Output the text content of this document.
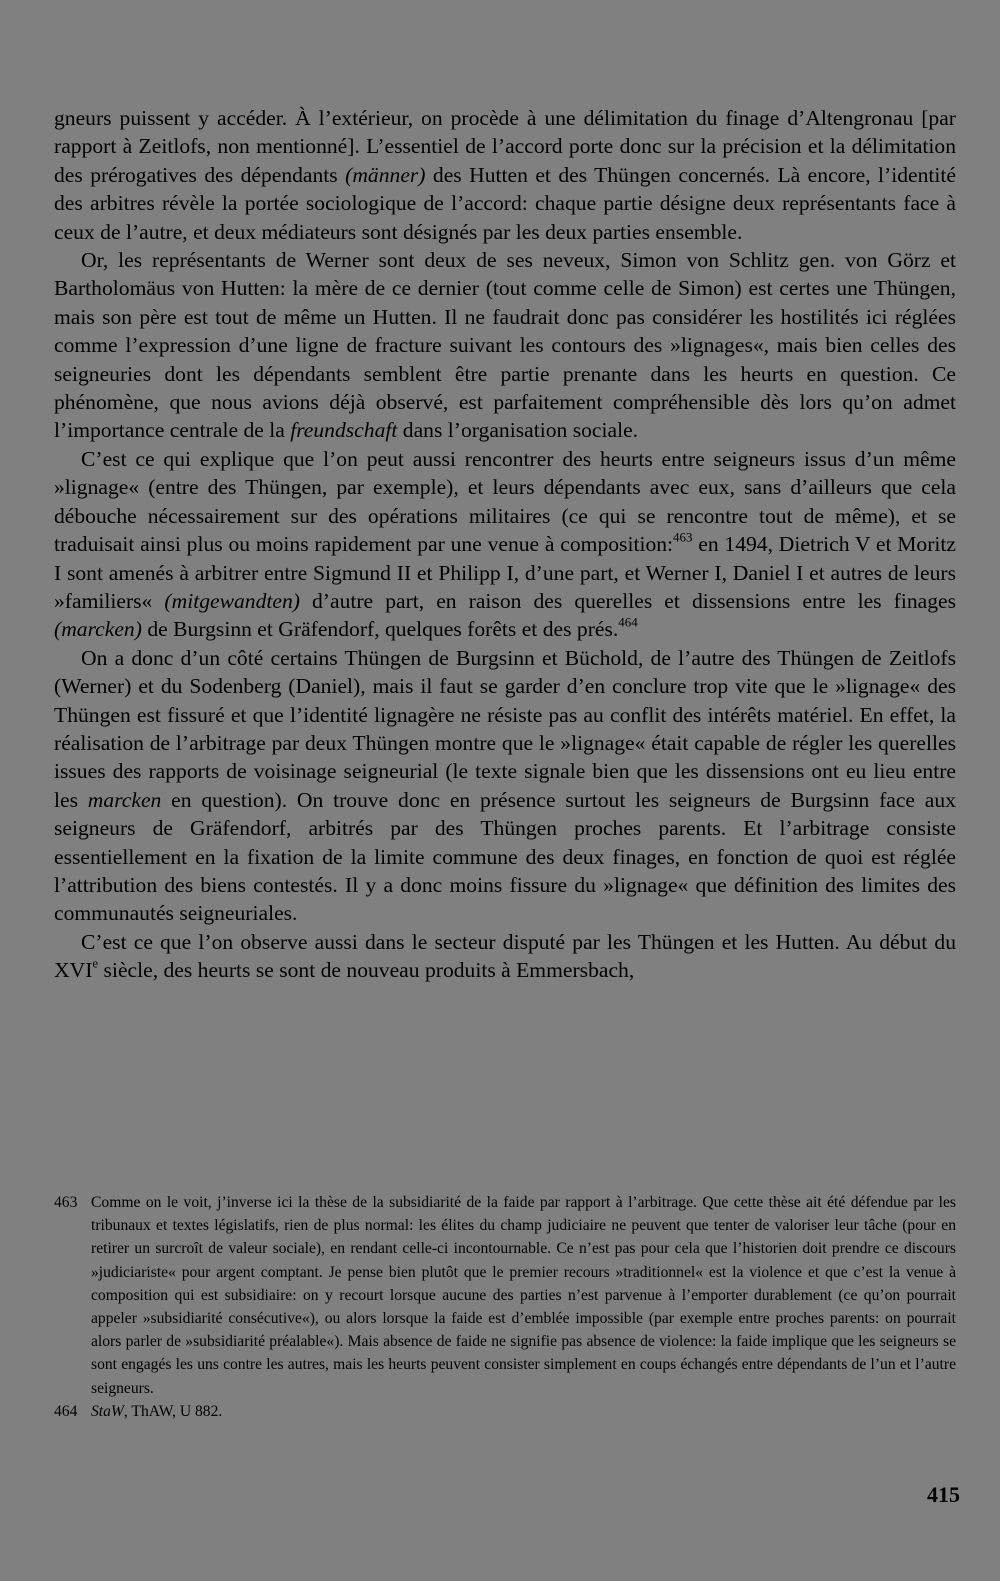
gneurs puissent y accéder. À l’extérieur, on procède à une délimitation du finage d’Altengronau [par rapport à Zeitlofs, non mentionné]. L’essentiel de l’accord porte donc sur la précision et la délimitation des prérogatives des dépendants (männer) des Hutten et des Thüngen concernés. Là encore, l’identité des arbitres révèle la portée sociologique de l’accord: chaque partie désigne deux représentants face à ceux de l’autre, et deux médiateurs sont désignés par les deux parties ensemble.

Or, les représentants de Werner sont deux de ses neveux, Simon von Schlitz gen. von Görz et Bartholomäus von Hutten: la mère de ce dernier (tout comme celle de Simon) est certes une Thüngen, mais son père est tout de même un Hutten. Il ne faudrait donc pas considérer les hostilités ici réglées comme l’expression d’une ligne de fracture suivant les contours des »lignages«, mais bien celles des seigneuries dont les dépendants semblent être partie prenante dans les heurts en question. Ce phénomène, que nous avions déjà observé, est parfaitement compréhensible dès lors qu’on admet l’importance centrale de la freundschaft dans l’organisation sociale.

C’est ce qui explique que l’on peut aussi rencontrer des heurts entre seigneurs issus d’un même »lignage« (entre des Thüngen, par exemple), et leurs dépendants avec eux, sans d’ailleurs que cela débouche nécessairement sur des opérations militaires (ce qui se rencontre tout de même), et se traduisait ainsi plus ou moins rapidement par une venue à composition:$^{463}$ en 1494, Dietrich V et Moritz I sont amenés à arbitrer entre Sigmund II et Philipp I, d’une part, et Werner I, Daniel I et autres de leurs »familiers« (mitgewandten) d’autre part, en raison des querelles et dissensions entre les finages (marcken) de Burgsinn et Gräfendorf, quelques forêts et des prés.$^{464}$

On a donc d’un côté certains Thüngen de Burgsinn et Büchold, de l’autre des Thüngen de Zeitlofs (Werner) et du Sodenberg (Daniel), mais il faut se garder d’en conclure trop vite que le »lignage« des Thüngen est fissuré et que l’identité lignagère ne résiste pas au conflit des intérêts matériel. En effet, la réalisation de l’arbitrage par deux Thüngen montre que le »lignage« était capable de régler les querelles issues des rapports de voisinage seigneurial (le texte signale bien que les dissensions ont eu lieu entre les marcken en question). On trouve donc en présence surtout les seigneurs de Burgsinn face aux seigneurs de Gräfendorf, arbitrés par des Thüngen proches parents. Et l’arbitrage consiste essentiellement en la fixation de la limite commune des deux finages, en fonction de quoi est réglée l’attribution des biens contestés. Il y a donc moins fissure du »lignage« que définition des limites des communautés seigneuriales.

C’est ce que l’on observe aussi dans le secteur disputé par les Thüngen et les Hutten. Au début du XVIe siècle, des heurts se sont de nouveau produits à Emmersbach,

463 Comme on le voit, j’inverse ici la thèse de la subsidiarité de la faide par rapport à l’arbitrage. Que cette thèse ait été défendue par les tribunaux et textes législatifs, rien de plus normal: les élites du champ judiciaire ne peuvent que tenter de valoriser leur tâche (pour en retirer un surcroît de valeur sociale), en rendant celle-ci incontournable. Ce n’est pas pour cela que l’historien doit prendre ce discours »judiciariste« pour argent comptant. Je pense bien plutôt que le premier recours »traditionnel« est la violence et que c’est la venue à composition qui est subsidiaire: on y recourt lorsque aucune des parties n’est parvenue à l’emporter durablement (ce qu’on pourrait appeler »subsidiarité consécutive«), ou alors lorsque la faide est d’emblée impossible (par exemple entre proches parents: on pourrait alors parler de »subsidiarité préalable«). Mais absence de faide ne signifie pas absence de violence: la faide implique que les seigneurs se sont engagés les uns contre les autres, mais les heurts peuvent consister simplement en coups échangés entre dépendants de l’un et l’autre seigneurs.
464 StaW, ThAW, U 882.
415
